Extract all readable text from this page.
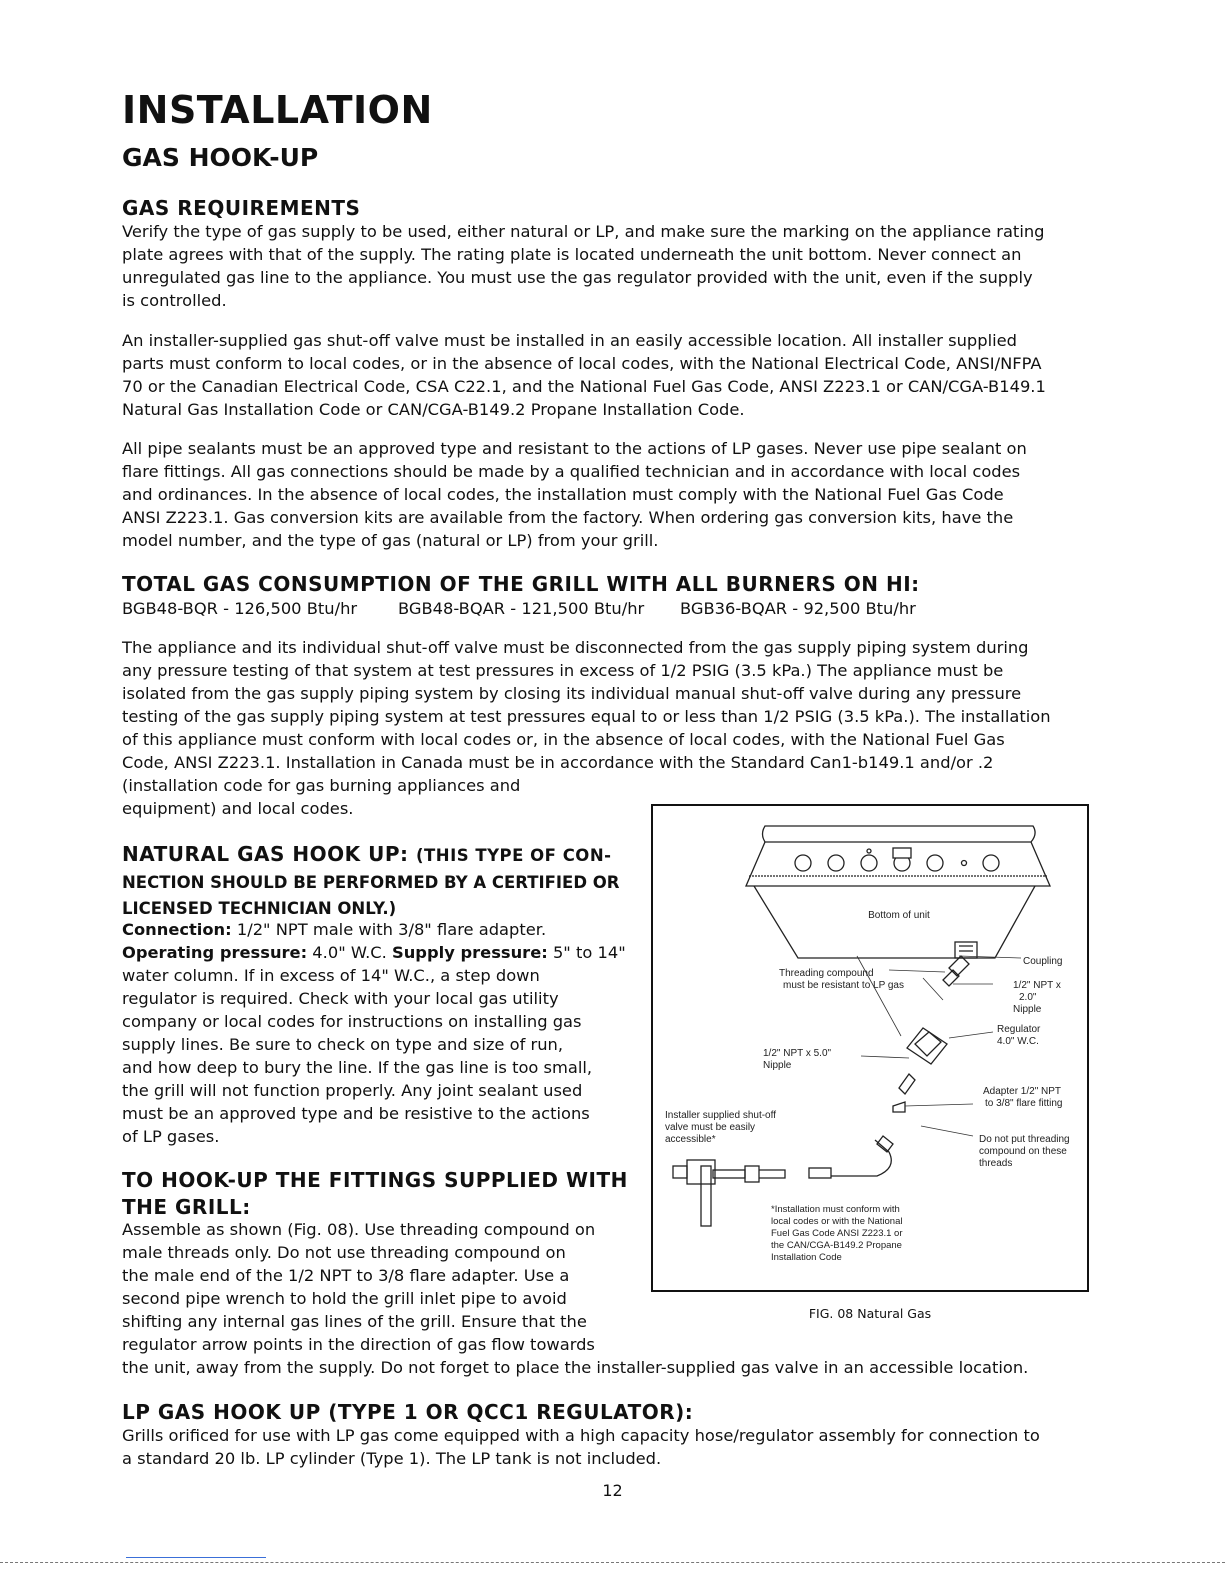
INSTALLATION
GAS HOOK-UP
GAS REQUIREMENTS

Verify the type of gas supply to be used, either natural or LP, and make sure the marking on the appliance rating

plate agrees with that of the supply. The rating plate is located underneath the unit bottom. Never connect an

unregulated gas line to the appliance. You must use the gas regulator provided with the unit, even if the supply

is controlled.

An installer-supplied gas shut-off valve must be installed in an easily accessible location. All installer supplied

parts must conform to local codes, or in the absence of local codes, with the National Electrical Code, ANSI/NFPA

70 or the Canadian Electrical Code, CSA C22.1, and the National Fuel Gas Code, ANSI Z223.1 or CAN/CGA-B149.1

Natural Gas Installation Code or CAN/CGA-B149.2 Propane Installation Code.

All pipe sealants must be an approved type and resistant to the actions of LP gases. Never use pipe sealant on

flare fittings. All gas connections should be made by a qualified technician and in accordance with local codes

and ordinances. In the absence of local codes, the installation must comply with the National Fuel Gas Code

ANSI Z223.1. Gas conversion kits are available from the factory. When ordering gas conversion kits, have the

model number, and the type of gas (natural or LP) from your grill.

TOTAL GAS CONSUMPTION OF THE GRILL WITH ALL BURNERS ON HI:
BGB48-BQR - 126,500 Btu/hr	BGB48-BQAR - 121,500 Btu/hr BGB36-BQAR - 92,500 Btu/hr

The appliance and its individual shut-off valve must be disconnected from the gas supply piping system during

any pressure testing of that system at test pressures in excess of 1/2 PSIG (3.5 kPa.) The appliance must be

isolated from the gas supply piping system by closing its individual manual shut-off valve during any pressure

testing of the gas supply piping system at test pressures equal to or less than 1/2 PSIG (3.5 kPa.). The installation

of this appliance must conform with local codes or, in the absence of local codes, with the National Fuel Gas

Code, ANSI Z223.1. Installation in Canada must be in accordance with the Standard Can1-b149.1 and/or .2

(installation code for gas burning appliances and

equipment) and local codes.

NATURAL GAS HOOK UP: (THIS TYPE OF CON-
NECTION SHOULD BE PERFORMED BY A CERTIFIED OR
LICENSED TECHNICIAN ONLY.)

Connection: 1/2" NPT male with 3/8" flare adapter.

Operating pressure: 4.0" W.C. Supply pressure: 5" to 14"

water column. If in excess of 14" W.C., a step down

regulator is required. Check with your local gas utility

company or local codes for instructions on installing gas

supply lines. Be sure to check on type and size of run,

and how deep to bury the line. If the gas line is too small,

the grill will not function properly. Any joint sealant used

must be an approved type and be resistive to the actions

of LP gases.

TO HOOK-UP THE FITTINGS SUPPLIED WITH
THE GRILL:

Assemble as shown (Fig. 08). Use threading compound on

male threads only. Do not use threading compound on

the male end of the 1/2 NPT to 3/8 flare adapter. Use a

second pipe wrench to hold the grill inlet pipe to avoid

shifting any internal gas lines of the grill. Ensure that the

regulator arrow points in the direction of gas flow towards

the unit, away from the supply. Do not forget to place the installer-supplied gas valve in an accessible location.
LP GAS HOOK UP (TYPE 1 OR QCC1 REGULATOR):

Grills orificed for use with LP gas come equipped with a high capacity hose/regulator assembly for connection to

a standard 20 lb. LP cylinder (Type 1). The LP tank is not included.

Bottom of unit
Coupling
Threading compound
must be resistant to LP gas	1/2" NPT x
2.0"
Nipple
Regulator
4.0" W.C.
1/2" NPT x 5.0"
Nipple
Adapter 1/2" NPT
to 3/8" flare fitting
Installer supplied shut-off
valve must be easily
accessible*	Do not put threading
compound on these
threads
*Installation must conform with
local codes or with the National
Fuel Gas Code ANSI Z223.1 or
the CAN/CGA-B149.2 Propane
Installation Code
FIG. 08 Natural Gas
12
